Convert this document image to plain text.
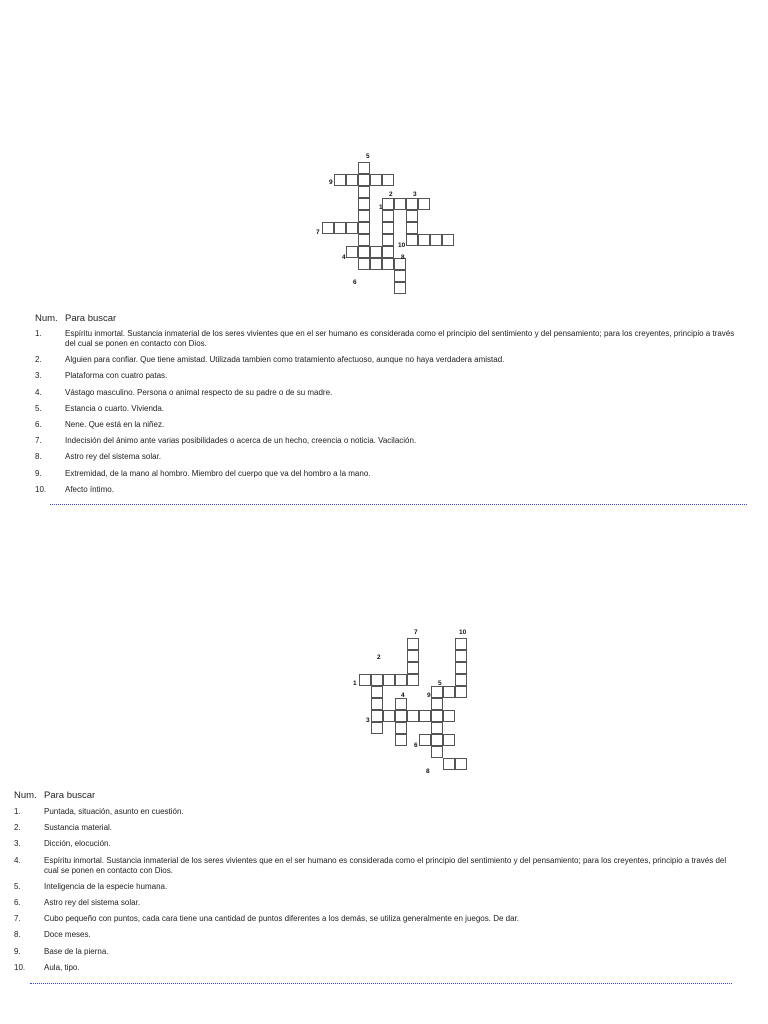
5
9
2	3
1
7
10
4	8
6
Num. Para buscar
1.	Espíritu inmortal. Sustancia inmaterial de los seres vivientes que en el ser humano es considerada como el principio del sentimiento y del pensamiento; para los creyentes, principio a través del cual se ponen en contacto con Dios.
2.	Alguien para confiar. Que tiene amistad. Utilizada tambien como tratamiento afectuoso, aunque no haya verdadera amistad.
3.	Plataforma con cuatro patas.
4.	Vástago masculino. Persona o animal respecto de su padre o de su madre.
5.	Estancia o cuarto. Vivienda.
6.	Nene. Que está en la niñez.
7.	Indecisión del ánimo ante varias posibilidades o acerca de un hecho, creencia o noticia. Vacilación.
8.	Astro rey del sistema solar.
9.	Extremidad, de la mano al hombro. Miembro del cuerpo que va del hombro a la mano.
10.	Afecto íntimo.
7	10
2
1	5
4	9
3
6
8
Num. Para buscar
1.	Puntada, situación, asunto en cuestión.
2.	Sustancia material.
3.	Dicción, elocución.
4.	Espíritu inmortal. Sustancia inmaterial de los seres vivientes que en el ser humano es considerada como el principio del sentimiento y del pensamiento; para los creyentes, principio a través del cual se ponen en contacto con Dios.
5.	Inteligencia de la especie humana.
6.	Astro rey del sistema solar.
7.	Cubo pequeño con puntos, cada cara tiene una cantidad de puntos diferentes a los demás, se utiliza generalmente en juegos. De dar.
8.	Doce meses.
9.	Base de la pierna.
10.	Aula, tipo.
